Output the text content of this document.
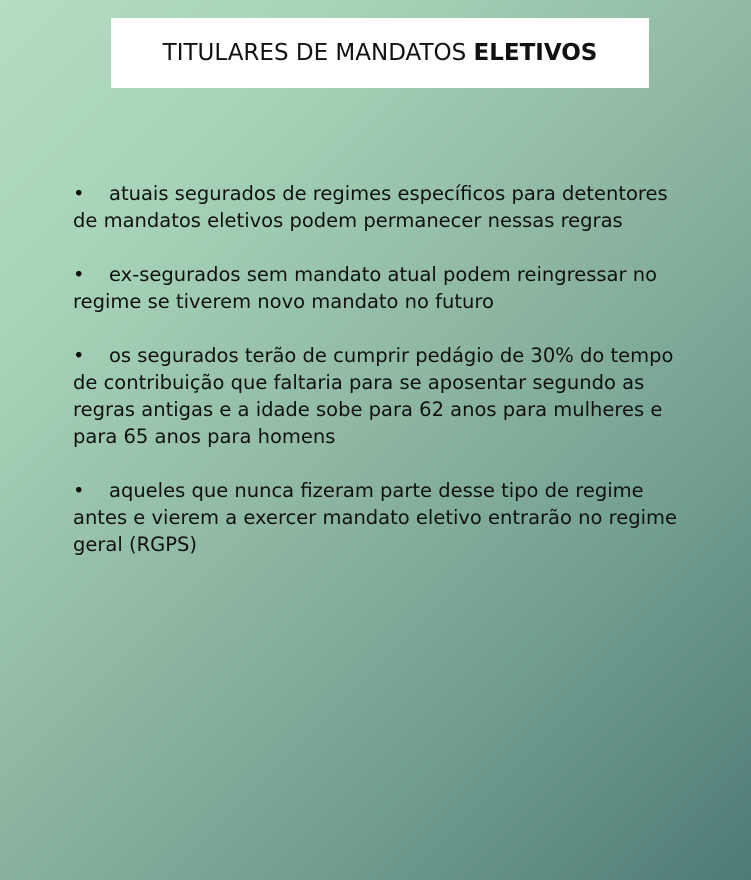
TITULARES DE MANDATOS ELETIVOS
• atuais segurados de regimes específicos para detentores de mandatos eletivos podem permanecer nessas regras
• ex-segurados sem mandato atual podem reingressar no regime se tiverem novo mandato no futuro
• os segurados terão de cumprir pedágio de 30% do tempo de contribuição que faltaria para se aposentar segundo as regras antigas e a idade sobe para 62 anos para mulheres e para 65 anos para homens
• aqueles que nunca fizeram parte desse tipo de regime antes e vierem a exercer mandato eletivo entrarão no regime geral (RGPS)
